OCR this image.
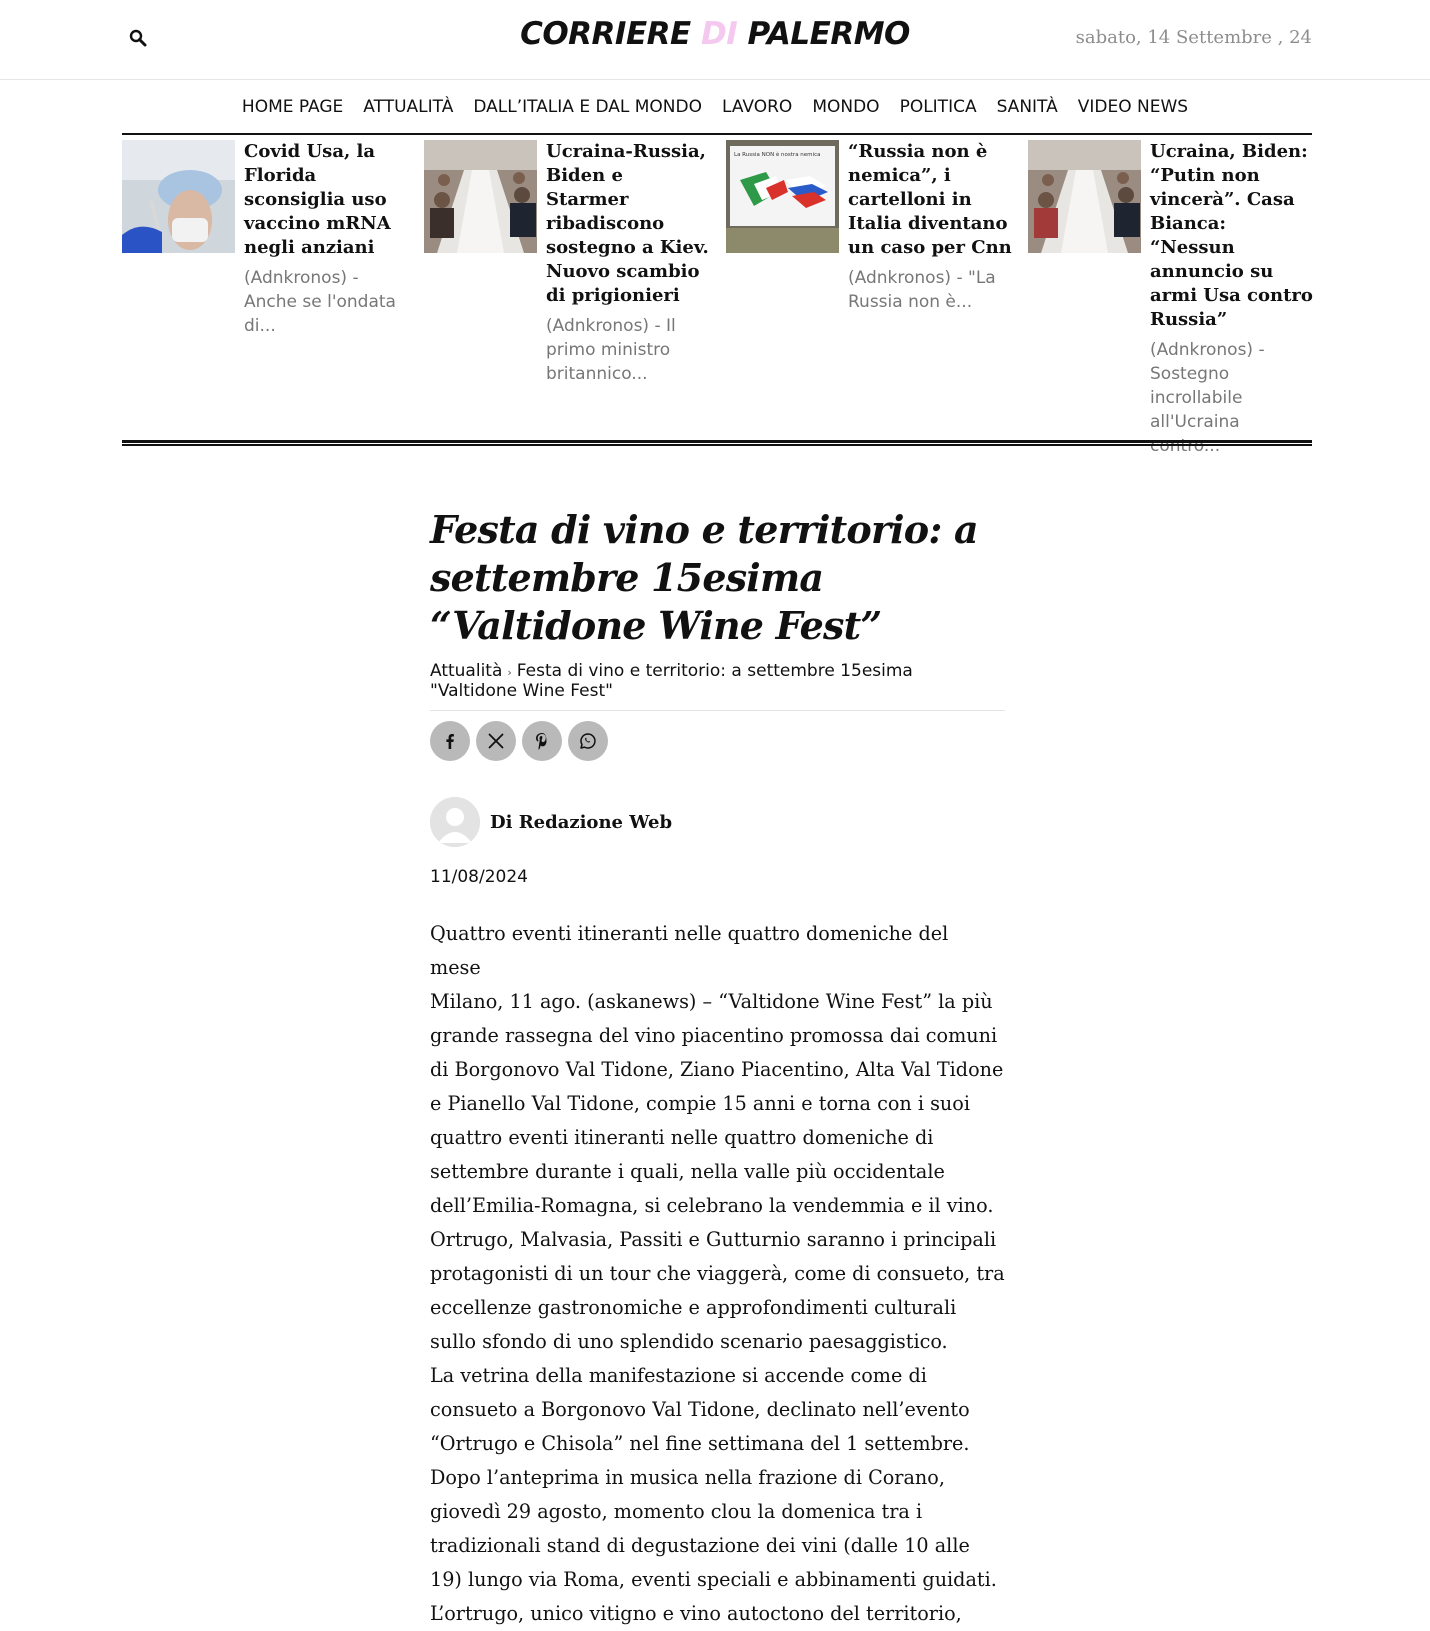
CORRIERE DI PALERMO	sabato, 14 Settembre , 24
HOME PAGE ATTUALITÀ DALL’ITALIA E DAL MONDO LAVORO MONDO POLITICA SANITÀ VIDEO NEWS

Covid Usa, la Florida sconsiglia uso vaccino mRNA negli anziani

(Adnkronos) - Anche se l'ondata di...

Ucraina-Russia, Biden e Starmer ribadiscono sostegno a Kiev. Nuovo scambio di prigionieri

(Adnkronos) - Il primo ministro britannico...

La Russia NON è nostra nemica “Russia non è nemica”, i cartelloni in Italia diventano un caso per Cnn

(Adnkronos) - "La Russia non è...

Ucraina, Biden: “Putin non vincerà”. Casa Bianca: “Nessun annuncio su armi Usa contro Russia”

(Adnkronos) - Sostegno incrollabile all'Ucraina contro...

Festa di vino e territorio: a settembre 15esima “Valtidone Wine Fest”
Attualità › Festa di vino e territorio: a settembre 15esima "Valtidone Wine Fest"
Di Redazione Web
11/08/2024

Quattro eventi itineranti nelle quattro domeniche del mese

Milano, 11 ago. (askanews) – “Valtidone Wine Fest” la più grande rassegna del vino piacentino promossa dai comuni di Borgonovo Val Tidone, Ziano Piacentino, Alta Val Tidone e Pianello Val Tidone, compie 15 anni e torna con i suoi quattro eventi itineranti nelle quattro domeniche di settembre durante i quali, nella valle più occidentale dell’Emilia-Romagna, si celebrano la vendemmia e il vino.

Ortrugo, Malvasia, Passiti e Gutturnio saranno i principali protagonisti di un tour che viaggerà, come di consueto, tra eccellenze gastronomiche e approfondimenti culturali sullo sfondo di uno splendido scenario paesaggistico.

La vetrina della manifestazione si accende come di consueto a Borgonovo Val Tidone, declinato nell’evento “Ortrugo e Chisola” nel fine settimana del 1 settembre.

Dopo l’anteprima in musica nella frazione di Corano, giovedì 29 agosto, momento clou la domenica tra i tradizionali stand di degustazione dei vini (dalle 10 alle 19) lungo via Roma, eventi speciali e abbinamenti guidati.

L’ortrugo, unico vitigno e vino autoctono del territorio,
